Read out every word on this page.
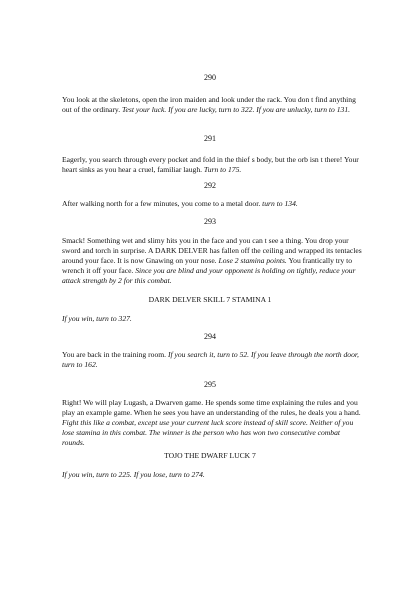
290

You look at the skeletons, open the iron maiden and look under the rack. You don t find anything out of the ordinary. Test your luck. If you are lucky, turn to 322. If you are unlucky, turn to 131.

291

Eagerly, you search through every pocket and fold in the thief s body, but the orb isn t there! Your heart sinks as you hear a cruel, familiar laugh. Turn to 175.

292

After walking north for a few minutes, you come to a metal door. turn to 134.

293

Smack! Something wet and slimy hits you in the face and you can t see a thing. You drop your sword and torch in surprise. A DARK DELVER has fallen off the ceiling and wrapped its tentacles around your face. It is now Gnawing on your nose. Lose 2 stamina points. You frantically try to wrench it off your face. Since you are blind and your opponent is holding on tightly, reduce your attack strength by 2 for this combat.

DARK DELVER SKILL 7 STAMINA 1

If you win, turn to 327.

294

You are back in the training room. If you search it, turn to 52. If you leave through the north door, turn to 162.

295

Right! We will play Lugash, a Dwarven game. He spends some time explaining the rules and you play an example game. When he sees you have an understanding of the rules, he deals you a hand. Fight this like a combat, except use your current luck score instead of skill score. Neither of you lose stamina in this combat. The winner is the person who has won two consecutive combat rounds.

TOJO THE DWARF LUCK 7

If you win, turn to 225. If you lose, turn to 274.
